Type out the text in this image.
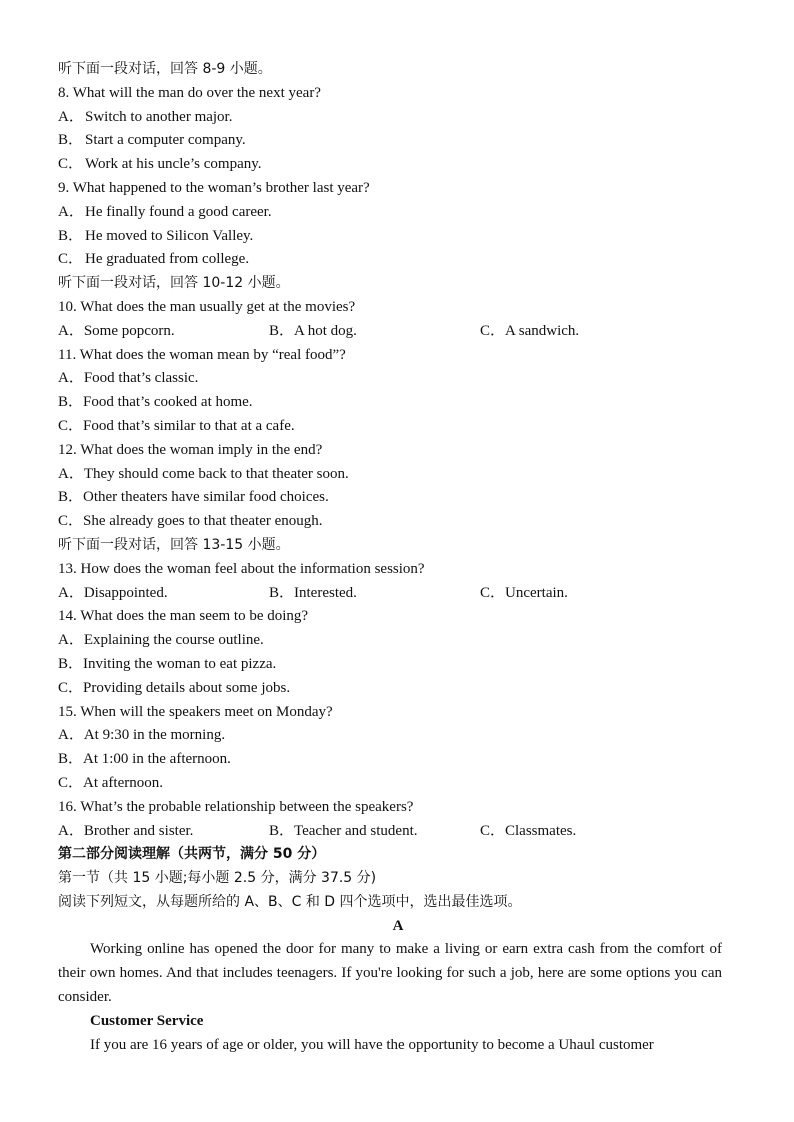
听下面一段对话，回答 8-9 小题。
8. What will the man do over the next year?
A．Switch to another major.
B． Start a computer company.
C． Work at his uncle’s company.
9. What happened to the woman’s brother last year?
A．He finally found a good career.
B． He moved to Silicon Valley.
C． He graduated from college.
听下面一段对话，回答 10-12 小题。
10. What does the man usually get at the movies?
A．Some popcorn.	B．A hot dog.	C．A sandwich.
11. What does the woman mean by “real food”?
A．Food that’s classic.
B．Food that’s cooked at home.
C．Food that’s similar to that at a cafe.
12. What does the woman imply in the end?
A．They should come back to that theater soon.
B．Other theaters have similar food choices.
C．She already goes to that theater enough.
听下面一段对话，回答 13-15 小题。
13. How does the woman feel about the information session?
A．Disappointed.	B．Interested.	C．Uncertain.
14. What does the man seem to be doing?
A．Explaining the course outline.
B．Inviting the woman to eat pizza.
C．Providing details about some jobs.
15. When will the speakers meet on Monday?
A．At 9:30 in the morning.
B．At 1:00 in the afternoon.
C．At afternoon.
16. What’s the probable relationship between the speakers?
A．Brother and sister.	B．Teacher and student.	C．Classmates.
第二部分阅读理解（共两节，满分 50 分）
第一节（共 15 小题;每小题 2.5 分，满分 37.5 分)
阅读下列短文，从每题所给的 A、B、C 和 D 四个选项中，选出最佳选项。
A
Working online has opened the door for many to make a living or earn extra cash from the comfort of their own homes. And that includes teenagers. If you're looking for such a job, here are some options you can consider.
Customer Service
If you are 16 years of age or older, you will have the opportunity to become a Uhaul customer
